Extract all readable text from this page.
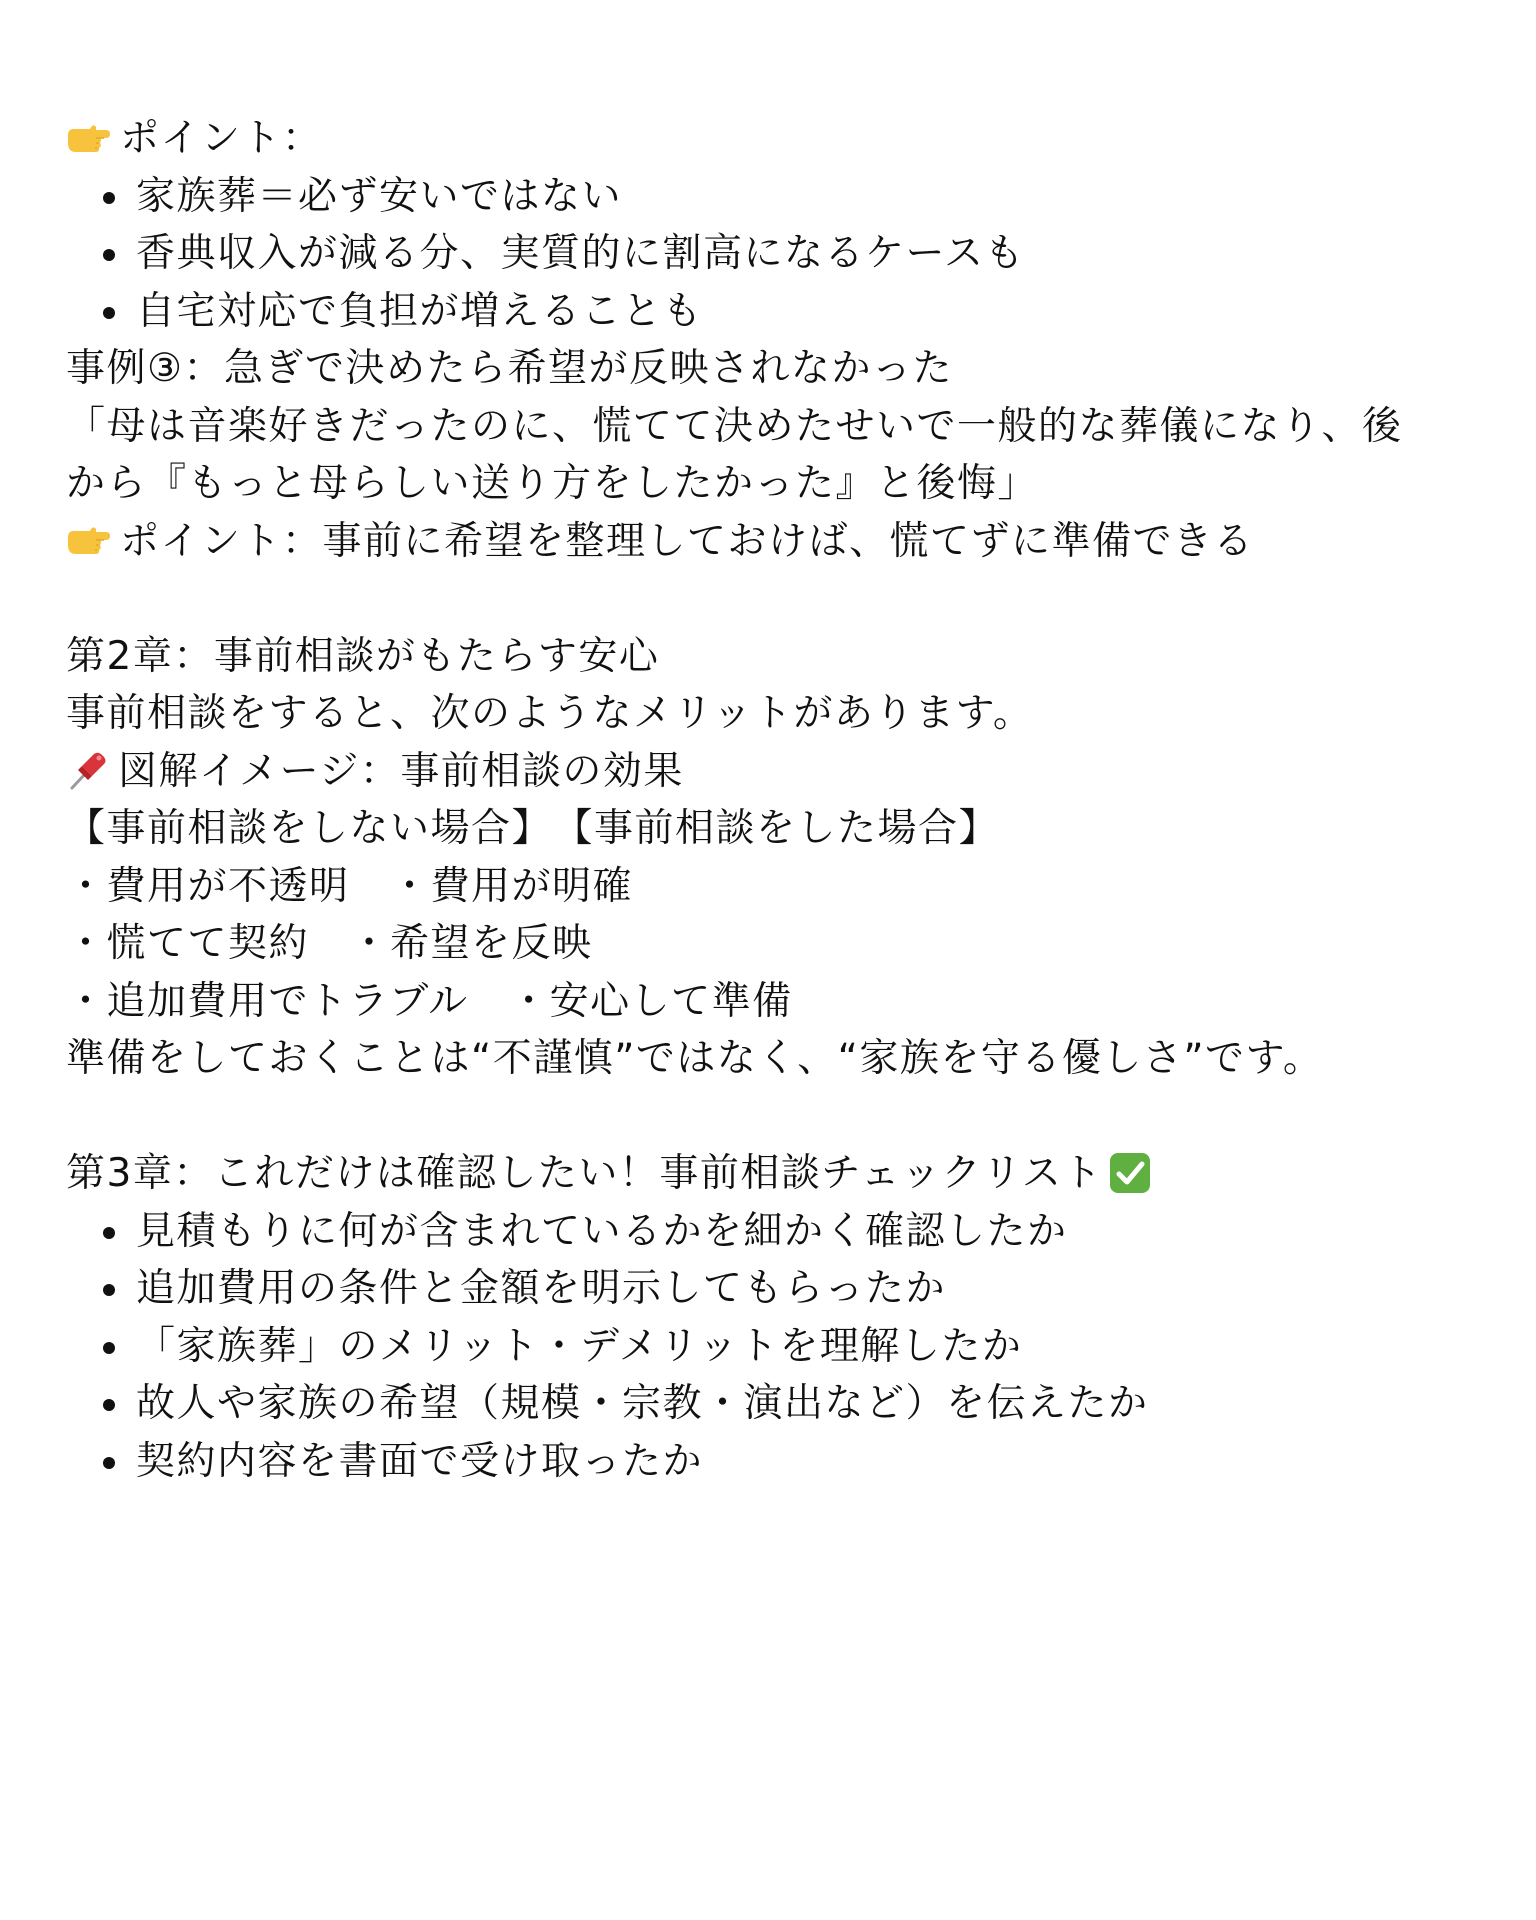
ポイント：
家族葬＝必ず安いではない
香典収入が減る分、実質的に割高になるケースも
自宅対応で負担が増えることも
事例③：急ぎで決めたら希望が反映されなかった
「母は音楽好きだったのに、慌てて決めたせいで一般的な葬儀になり、後
から『もっと母らしい送り方をしたかった』と後悔」
ポイント：事前に希望を整理しておけば、慌てずに準備できる
第2章：事前相談がもたらす安心
事前相談をすると、次のようなメリットがあります。
図解イメージ：事前相談の効果
【事前相談をしない場合】　【事前相談をした場合】
・費用が不透明　・費用が明確
・慌てて契約　・希望を反映
・追加費用でトラブル　・安心して準備
準備をしておくことは“不謹慎”ではなく、“家族を守る優しさ”です。
第3章：これだけは確認したい！事前相談チェックリスト
見積もりに何が含まれているかを細かく確認したか
追加費用の条件と金額を明示してもらったか
「家族葬」のメリット・デメリットを理解したか
故人や家族の希望（規模・宗教・演出など）を伝えたか
契約内容を書面で受け取ったか
